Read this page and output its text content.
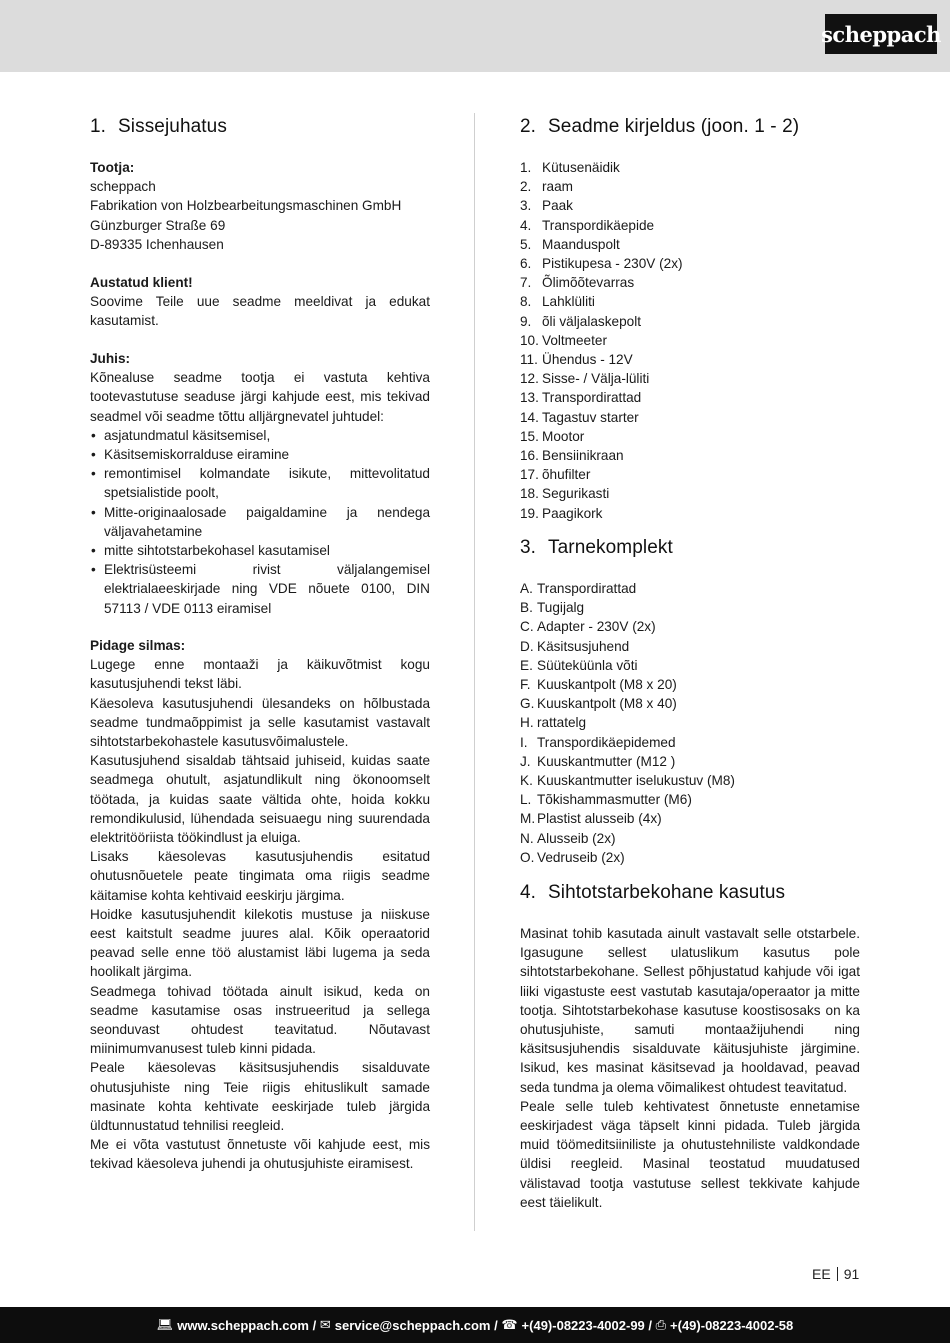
scheppach
1. Sissejuhatus
Tootja:
scheppach
Fabrikation von Holzbearbeitungsmaschinen GmbH
Günzburger Straße 69
D-89335 Ichenhausen
Austatud klient!

Soovime Teile uue seadme meeldivat ja edukat kasutamist.

Juhis:

Kõnealuse seadme tootja ei vastuta kehtiva tootevastutuse seaduse järgi kahjude eest, mis tekivad seadmel või seadme tõttu alljärgnevatel juhtudel:

• asjatundmatul käsitsemisel,
• Käsitsemiskorralduse eiramine
• remontimisel kolmandate isikute, mittevolitatud spetsialistide poolt,
• Mitte-originaalosade paigaldamine ja nendega väljavahetamine
• mitte sihtotstarbekohasel kasutamisel
• Elektrisüsteemi rivist väljalangemisel elektrialaeeskirjade ning VDE nõuete 0100, DIN 57113 / VDE 0113 eiramisel
Pidage silmas:

Lugege enne montaaži ja käikuvõtmist kogu kasutusjuhendi tekst läbi.

Käesoleva kasutusjuhendi ülesandeks on hõlbustada seadme tundmaõppimist ja selle kasutamist vastavalt sihtotstarbekohastele kasutusvõimalustele.

Kasutusjuhend sisaldab tähtsaid juhiseid, kuidas saate seadmega ohutult, asjatundlikult ning ökonoomselt töötada, ja kuidas saate vältida ohte, hoida kokku remondikulusid, lühendada seisuaegu ning suurendada elektritööriista töökindlust ja eluiga.

Lisaks käesolevas kasutusjuhendis esitatud ohutusnõuetele peate tingimata oma riigis seadme käitamise kohta kehtivaid eeskirju järgima.

Hoidke kasutusjuhendit kilekotis mustuse ja niiskuse eest kaitstult seadme juures alal. Kõik operaatorid peavad selle enne töö alustamist läbi lugema ja seda hoolikalt järgima.

Seadmega tohivad töötada ainult isikud, keda on seadme kasutamise osas instrueeritud ja sellega seonduvast ohtudest teavitatud. Nõutavast miinimumvanusest tuleb kinni pidada.

Peale käesolevas käsitsusjuhendis sisalduvate ohutusjuhiste ning Teie riigis ehituslikult samade masinate kohta kehtivate eeskirjade tuleb järgida üldtunnustatud tehnilisi reegleid.

Me ei võta vastutust õnnetuste või kahjude eest, mis tekivad käesoleva juhendi ja ohutusjuhiste eiramisest.

2. Seadme kirjeldus (joon. 1 - 2)
1. Kütusenäidik
2. raam
3. Paak
4. Transpordikäepide
5. Maanduspolt
6. Pistikupesa - 230V (2x)
7. Õlimõõtevarras
8. Lahklüliti
9. õli väljalaskepolt
10. Voltmeeter
11. Ühendus - 12V
12. Sisse- / Välja-lüliti
13. Transpordirattad
14. Tagastuv starter
15. Mootor
16. Bensiinikraan
17. õhufilter
18. Segurikasti
19. Paagikork
3. Tarnekomplekt
A. Transpordirattad
B. Tugijalg
C. Adapter - 230V (2x)
D. Käsitsusjuhend
E. Süüteküünla võti
F. Kuuskantpolt (M8 x 20)
G. Kuuskantpolt (M8 x 40)
H. rattatelg
I. Transpordikäepidemed
J. Kuuskantmutter (M12 )
K. Kuuskantmutter iselukustuv (M8)
L. Tõkishammasmutter (M6)
M. Plastist alusseib (4x)
N. Alusseib (2x)
O. Vedruseib (2x)
4. Sihtotstarbekohane kasutus

Masinat tohib kasutada ainult vastavalt selle otstarbele. Igasugune sellest ulatuslikum kasutus pole sihtotstarbekohane. Sellest põhjustatud kahjude või igat liiki vigastuste eest vastutab kasutaja/operaator ja mitte tootja. Sihtotstarbekohase kasutuse koostisosaks on ka ohutusjuhiste, samuti montaažijuhendi ning käsitsusjuhendis sisalduvate käitusjuhiste järgimine. Isikud, kes masinat käsitsevad ja hooldavad, peavad seda tundma ja olema võimalikest ohtudest teavitatud.

Peale selle tuleb kehtivatest õnnetuste ennetamise eeskirjadest väga täpselt kinni pidada. Tuleb järgida muid töömeditsiiniliste ja ohutustehniliste valdkondade üldisi reegleid. Masinal teostatud muudatused välistavad tootja vastutuse sellest tekkivate kahjude eest täielikult.

EE 91
💻︎ www.scheppach.com / ✉︎ service@scheppach.com / ☎︎ +(49)-08223-4002-99 / ⎙ +(49)-08223-4002-58
